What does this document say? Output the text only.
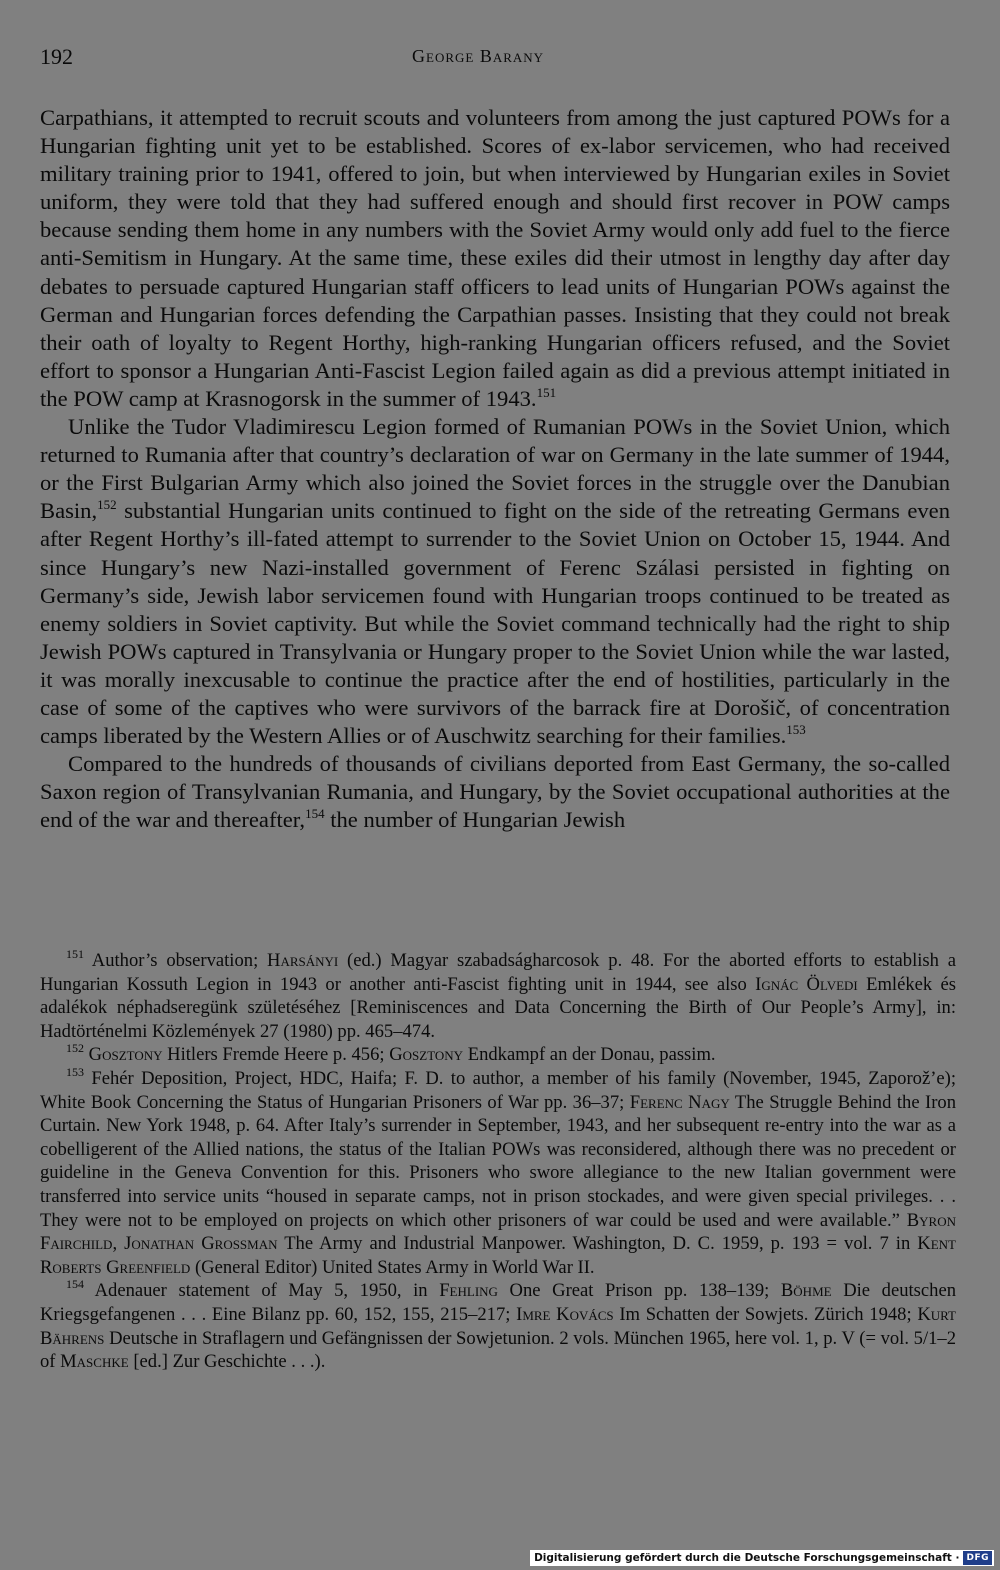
192	George Barany

Carpathians, it attempted to recruit scouts and volunteers from among the just captured POWs for a Hungarian fighting unit yet to be established. Scores of ex-labor servicemen, who had received military training prior to 1941, offered to join, but when interviewed by Hungarian exiles in Soviet uniform, they were told that they had suffered enough and should first recover in POW camps because sending them home in any numbers with the Soviet Army would only add fuel to the fierce anti-Semitism in Hungary. At the same time, these exiles did their utmost in lengthy day after day debates to persuade captured Hungarian staff officers to lead units of Hungarian POWs against the German and Hungarian forces defending the Carpathian passes. Insisting that they could not break their oath of loyalty to Regent Horthy, high-ranking Hungarian officers refused, and the Soviet effort to sponsor a Hungarian Anti-Fascist Legion failed again as did a previous attempt initiated in the POW camp at Krasnogorsk in the summer of 1943.$^{151}$

Unlike the Tudor Vladimirescu Legion formed of Rumanian POWs in the Soviet Union, which returned to Rumania after that country’s declaration of war on Germany in the late summer of 1944, or the First Bulgarian Army which also joined the Soviet forces in the struggle over the Danubian Basin,$^{152}$ substantial Hungarian units continued to fight on the side of the retreating Germans even after Regent Horthy’s ill-fated attempt to surrender to the Soviet Union on October 15, 1944. And since Hungary’s new Nazi-installed government of Ferenc Szálasi persisted in fighting on Germany’s side, Jewish labor servicemen found with Hungarian troops continued to be treated as enemy soldiers in Soviet captivity. But while the Soviet command technically had the right to ship Jewish POWs captured in Transylvania or Hungary proper to the Soviet Union while the war lasted, it was morally inexcusable to continue the practice after the end of hostilities, particularly in the case of some of the captives who were survivors of the barrack fire at Dorošič, of concentration camps liberated by the Western Allies or of Auschwitz searching for their families.$^{153}$

Compared to the hundreds of thousands of civilians deported from East Germany, the so-called Saxon region of Transylvanian Rumania, and Hungary, by the Soviet occupational authorities at the end of the war and thereafter,$^{154}$ the number of Hungarian Jewish

$^{151}$ Author’s observation; Harsányi (ed.) Magyar szabadságharcosok p. 48. For the aborted efforts to establish a Hungarian Kossuth Legion in 1943 or another anti-Fascist fighting unit in 1944, see also Ignác Ölvedi Emlékek és adalékok néphadseregünk születéséhez [Reminiscences and Data Concerning the Birth of Our People’s Army], in: Hadtörténelmi Közlemények 27 (1980) pp. 465–474.

$^{152}$ Gosztony Hitlers Fremde Heere p. 456; Gosztony Endkampf an der Donau, passim.

$^{153}$ Fehér Deposition, Project, HDC, Haifa; F. D. to author, a member of his family (November, 1945, Zaporož’e); White Book Concerning the Status of Hungarian Prisoners of War pp. 36–37; Ferenc Nagy The Struggle Behind the Iron Curtain. New York 1948, p. 64. After Italy’s surrender in September, 1943, and her subsequent re-entry into the war as a cobelligerent of the Allied nations, the status of the Italian POWs was reconsidered, although there was no precedent or guideline in the Geneva Convention for this. Prisoners who swore allegiance to the new Italian government were transferred into service units “housed in separate camps, not in prison stockades, and were given special privileges. . . They were not to be employed on projects on which other prisoners of war could be used and were available.” Byron Fairchild, Jonathan Grossman The Army and Industrial Manpower. Washington, D. C. 1959, p. 193 = vol. 7 in Kent Roberts Greenfield (General Editor) United States Army in World War II.

$^{154}$ Adenauer statement of May 5, 1950, in Fehling One Great Prison pp. 138–139; Böhme Die deutschen Kriegsgefangenen . . . Eine Bilanz pp. 60, 152, 155, 215–217; Imre Kovács Im Schatten der Sowjets. Zürich 1948; Kurt Bährens Deutsche in Straflagern und Gefängnissen der Sowjetunion. 2 vols. München 1965, here vol. 1, p. V (= vol. 5/1–2 of Maschke [ed.] Zur Geschichte . . .).

Digitalisierung gefördert durch die Deutsche Forschungsgemeinschaft · DFG
